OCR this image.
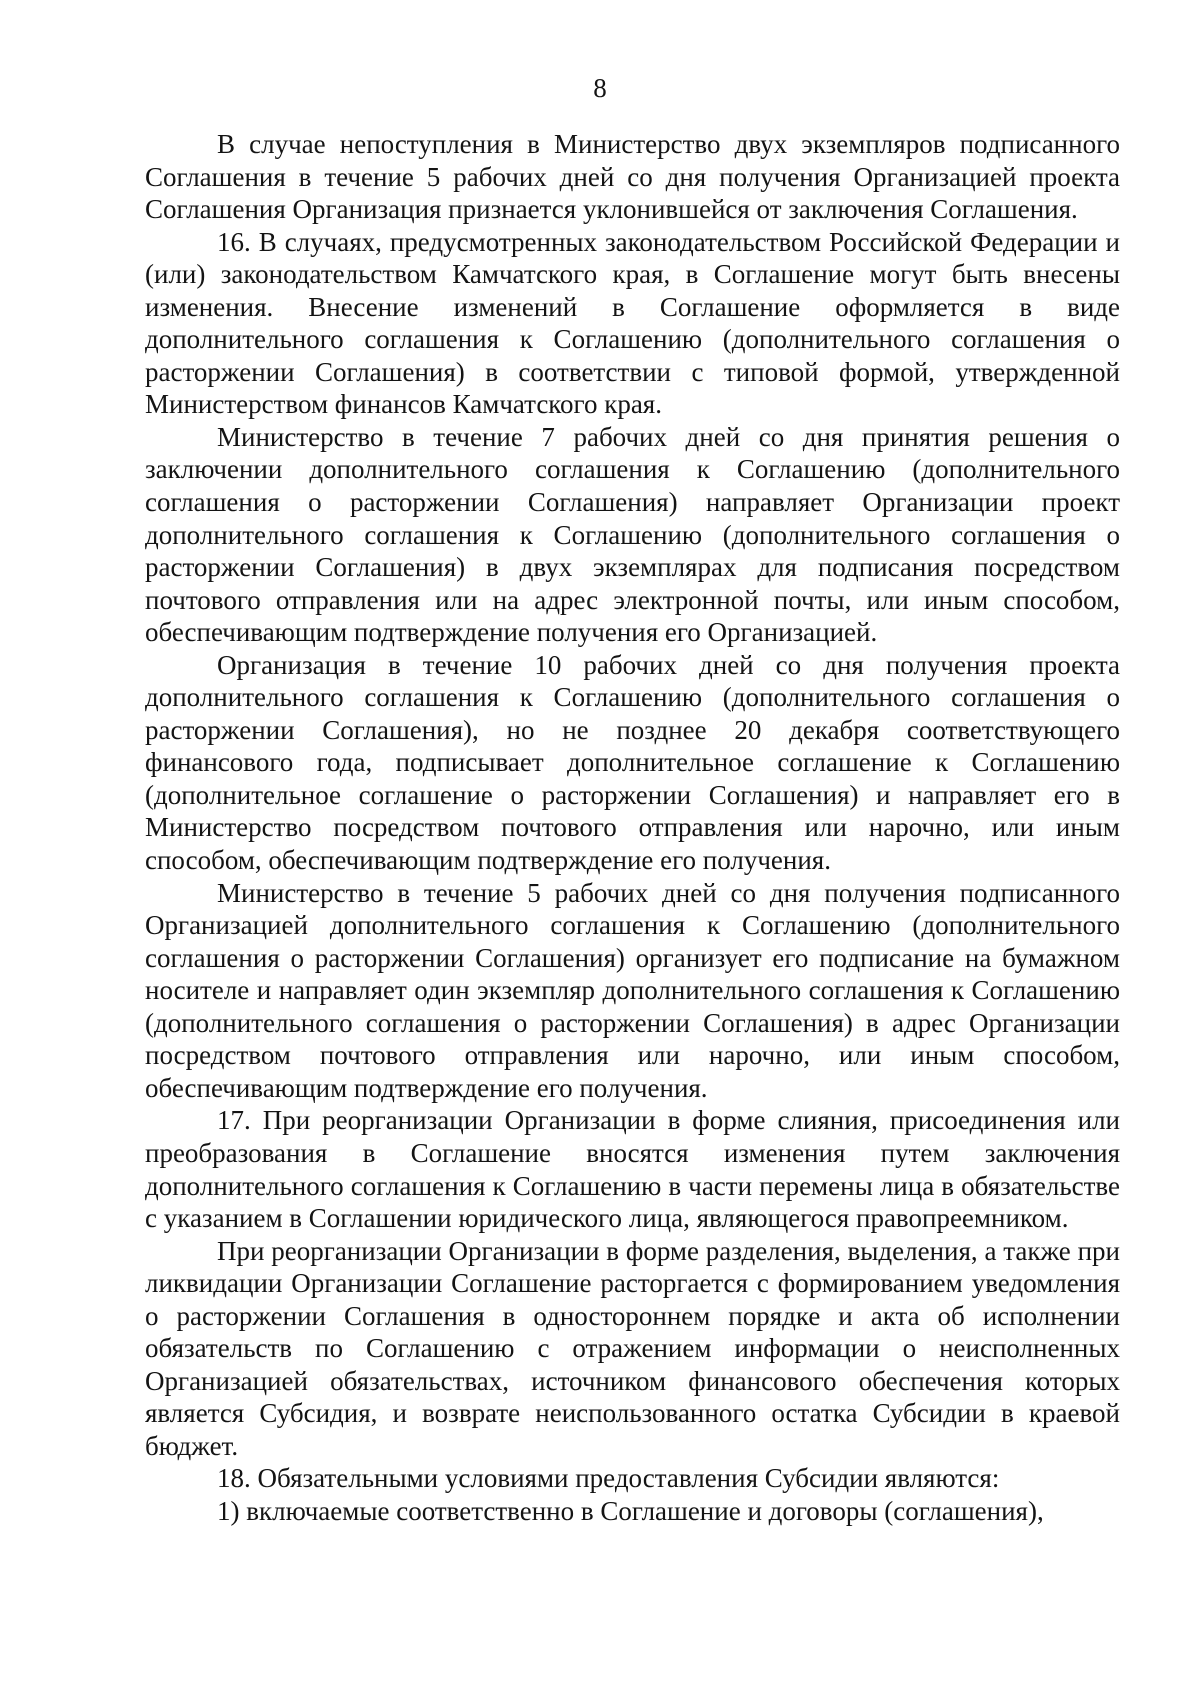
8

В случае непоступления в Министерство двух экземпляров подписанного Соглашения в течение 5 рабочих дней со дня получения Организацией проекта Соглашения Организация признается уклонившейся от заключения Соглашения.

16. В случаях, предусмотренных законодательством Российской Федерации и (или) законодательством Камчатского края, в Соглашение могут быть внесены изменения. Внесение изменений в Соглашение оформляется в виде дополнительного соглашения к Соглашению (дополнительного соглашения о расторжении Соглашения) в соответствии с типовой формой, утвержденной Министерством финансов Камчатского края.

Министерство в течение 7 рабочих дней со дня принятия решения о заключении дополнительного соглашения к Соглашению (дополнительного соглашения о расторжении Соглашения) направляет Организации проект дополнительного соглашения к Соглашению (дополнительного соглашения о расторжении Соглашения) в двух экземплярах для подписания посредством почтового отправления или на адрес электронной почты, или иным способом, обеспечивающим подтверждение получения его Организацией.

Организация в течение 10 рабочих дней со дня получения проекта дополнительного соглашения к Соглашению (дополнительного соглашения о расторжении Соглашения), но не позднее 20 декабря соответствующего финансового года, подписывает дополнительное соглашение к Соглашению (дополнительное соглашение о расторжении Соглашения) и направляет его в Министерство посредством почтового отправления или нарочно, или иным способом, обеспечивающим подтверждение его получения.

Министерство в течение 5 рабочих дней со дня получения подписанного Организацией дополнительного соглашения к Соглашению (дополнительного соглашения о расторжении Соглашения) организует его подписание на бумажном носителе и направляет один экземпляр дополнительного соглашения к Соглашению (дополнительного соглашения о расторжении Соглашения) в адрес Организации посредством почтового отправления или нарочно, или иным способом, обеспечивающим подтверждение его получения.

17. При реорганизации Организации в форме слияния, присоединения или преобразования в Соглашение вносятся изменения путем заключения дополнительного соглашения к Соглашению в части перемены лица в обязательстве с указанием в Соглашении юридического лица, являющегося правопреемником.

При реорганизации Организации в форме разделения, выделения, а также при ликвидации Организации Соглашение расторгается с формированием уведомления о расторжении Соглашения в одностороннем порядке и акта об исполнении обязательств по Соглашению с отражением информации о неисполненных Организацией обязательствах, источником финансового обеспечения которых является Субсидия, и возврате неиспользованного остатка Субсидии в краевой бюджет.

18. Обязательными условиями предоставления Субсидии являются:

1) включаемые соответственно в Соглашение и договоры (соглашения),
